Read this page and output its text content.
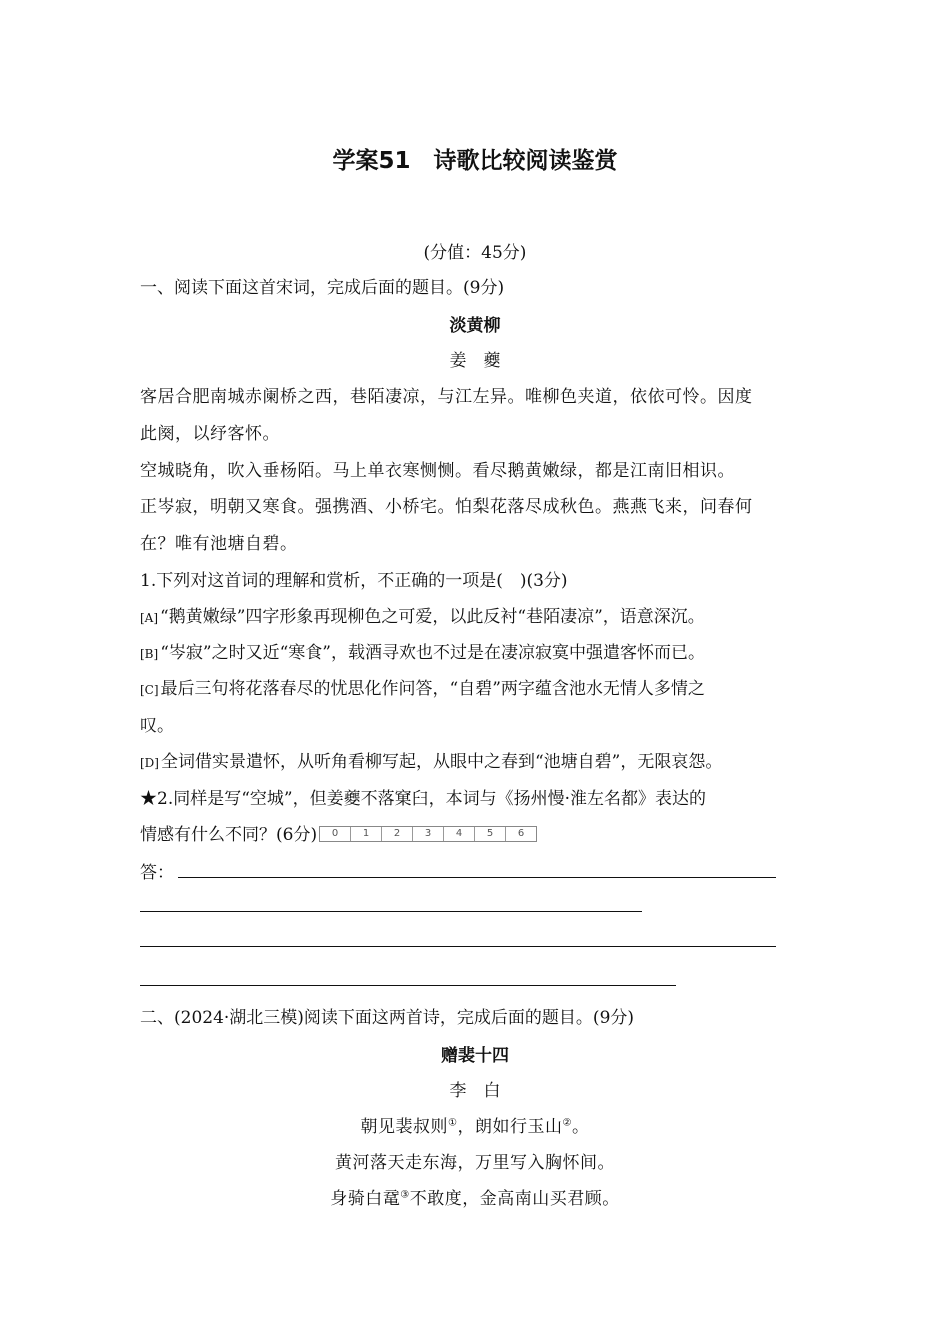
学案51　诗歌比较阅读鉴赏
(分值：45分)
一、阅读下面这首宋词，完成后面的题目。(9分)
淡黄柳
姜　夔
客居合肥南城赤阑桥之西，巷陌凄凉，与江左异。唯柳色夹道，依依可怜。因度
此阕，以纾客怀。
空城晓角，吹入垂杨陌。马上单衣寒恻恻。看尽鹅黄嫩绿，都是江南旧相识。
正岑寂，明朝又寒食。强携酒、小桥宅。怕梨花落尽成秋色。燕燕飞来，问春何
在？唯有池塘自碧。
1.下列对这首词的理解和赏析，不正确的一项是(　)(3分)
[A] “鹅黄嫩绿”四字形象再现柳色之可爱，以此反衬“巷陌凄凉”，语意深沉。
[B] “岑寂”之时又近“寒食”，载酒寻欢也不过是在凄凉寂寞中强遣客怀而已。
[C] 最后三句将花落春尽的忧思化作问答，“自碧”两字蕴含池水无情人多情之
叹。
[D] 全词借实景遣怀，从听角看柳写起，从眼中之春到“池塘自碧”，无限哀怨。
★2.同样是写“空城”，但姜夔不落窠臼，本词与《扬州慢·淮左名都》表达的
情感有什么不同？(6分)	0	1	2	3	4	5	6
答：
二、(2024·湖北三模)阅读下面这两首诗，完成后面的题目。(9分)
赠裴十四
李　白
朝见裴叔则①，朗如行玉山②。
黄河落天走东海，万里写入胸怀间。
身骑白鼋③不敢度，金高南山买君顾。
